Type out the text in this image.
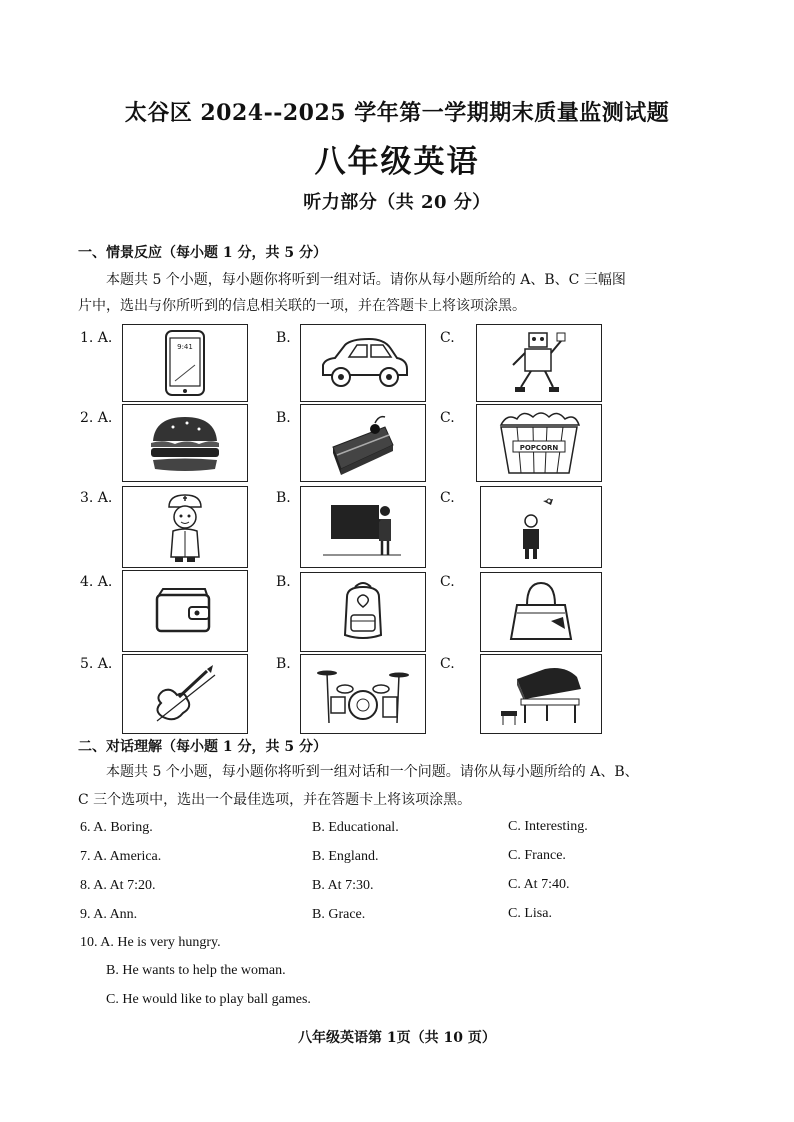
太谷区 2024--2025 学年第一学期期末质量监测试题
八年级英语
听力部分（共 20 分）
一、情景反应（每小题 1 分，共 5 分）
本题共 5 个小题，每小题你将听到一组对话。请你从每小题所给的 A、B、C 三幅图
片中，选出与你所听到的信息相关联的一项，并在答题卡上将该项涂黑。
1. A.
9:41
B.	C.
2. A.	B.	C.
POPCORN
3. A.	B.	C.
4. A.	B.	C.
5. A.	B.	C.
二、对话理解（每小题 1 分，共 5 分）
本题共 5 个小题，每小题你将听到一组对话和一个问题。请你从每小题所给的 A、B、
C 三个选项中，选出一个最佳选项，并在答题卡上将该项涂黑。
6. A. Boring.	B. Educational.	C. Interesting.
7. A. America.	B. England.	C. France.
8. A. At 7:20.	B. At 7:30.	C. At 7:40.
9. A. Ann.	B. Grace.	C. Lisa.
10. A. He is very hungry.
B. He wants to help the woman.
C. He would like to play ball games.
八年级英语第 1页（共 10 页）
